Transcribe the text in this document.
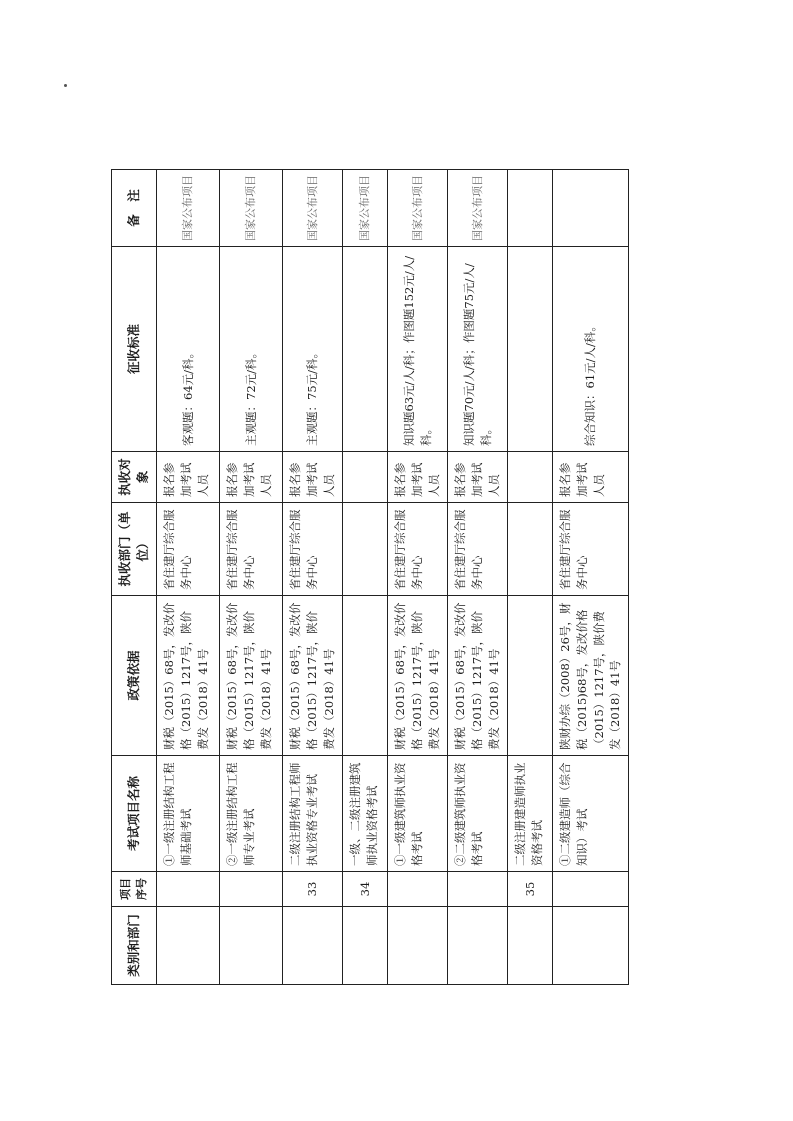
类别和部门	项目序号	考试项目名称	政策依据	执收部门（单位）	执收对象	征收标准	备　注
		①一级注册结构工程师基础考试	财税（2015）68号，发改价格（2015）1217号，陕价费发（2018）41号	省住建厅综合服务中心	报名参加考试人员	客观题：64元/科。	国家公布项目
		②一级注册结构工程师专业考试	财税（2015）68号，发改价格（2015）1217号，陕价费发（2018）41号	省住建厅综合服务中心	报名参加考试人员	主观题：72元/科。	国家公布项目
	33	二级注册结构工程师执业资格专业考试	财税（2015）68号，发改价格（2015）1217号，陕价费发（2018）41号	省住建厅综合服务中心	报名参加考试人员	主观题：75元/科。	国家公布项目
	34	一级、二级注册建筑师执业资格考试					国家公布项目
		①一级建筑师执业资格考试	财税（2015）68号，发改价格（2015）1217号，陕价费发（2018）41号	省住建厅综合服务中心	报名参加考试人员	知识题63元/人/科；作图题152元/人/科。	国家公布项目
		②二级建筑师执业资格考试	财税（2015）68号，发改价格（2015）1217号，陕价费发（2018）41号	省住建厅综合服务中心	报名参加考试人员	知识题70元/人/科；作图题75元/人/科。	国家公布项目
	35	二级注册建造师执业资格考试					
		①二级建造师（综合知识）考试	陕财办综（2008）26号，财税（2015)68号，发改价格（2015）1217号，陕价费发（2018）41号	省住建厅综合服务中心	报名参加考试人员	综合知识：61元/人/科。	
